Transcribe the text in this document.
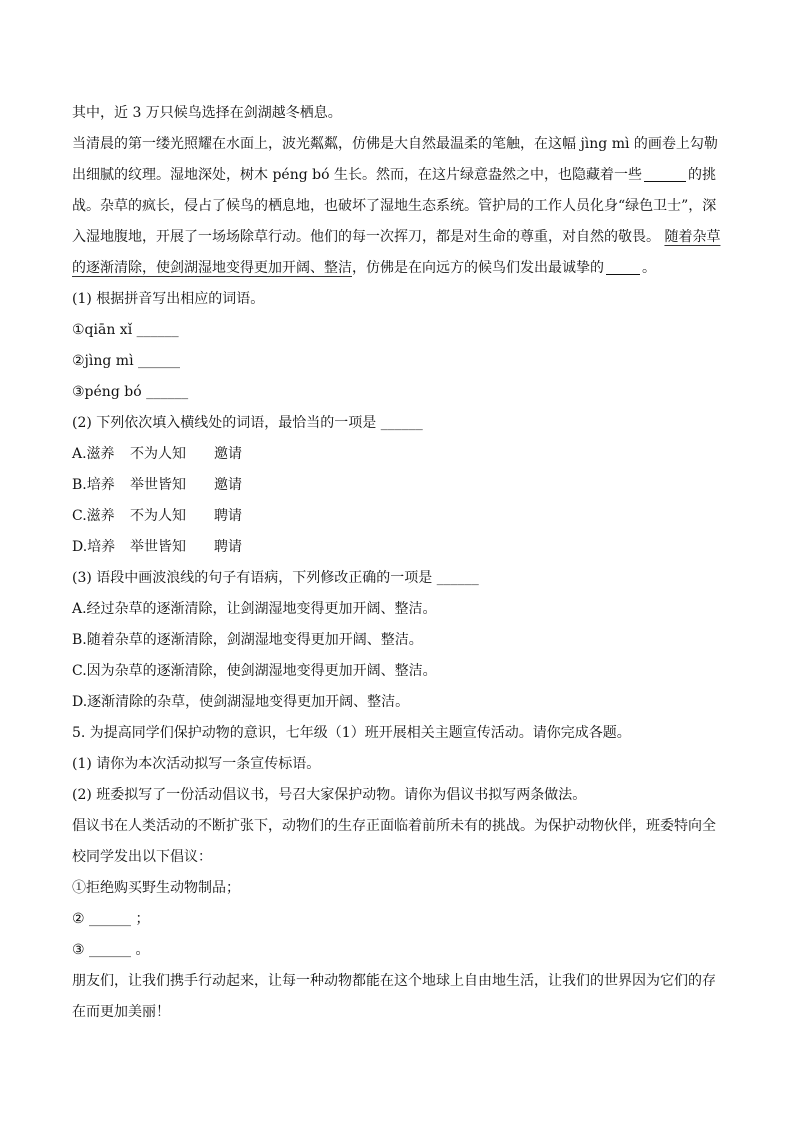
其中，近 3 万只候鸟选择在剑湖越冬栖息。

当清晨的第一缕光照耀在水面上，波光粼粼，仿佛是大自然最温柔的笔触，在这幅 jìng mì 的画卷上勾勒出细腻的纹理。湿地深处，树木 péng bó 生长。然而，在这片绿意盎然之中，也隐藏着一些	的挑战。杂草的疯长，侵占了候鸟的栖息地，也破坏了湿地生态系统。管护局的工作人员化身“绿色卫士”，深入湿地腹地，开展了一场场除草行动。他们的每一次挥刀，都是对生命的尊重，对自然的敬畏。 随着杂草的逐渐清除，使剑湖湿地变得更加开阔、整洁，仿佛是在向远方的候鸟们发出最诚挚的	。

(1) 根据拼音写出相应的词语。

①qiān xǐ ______

②jìng mì ______

③péng bó ______

(2) 下列依次填入横线处的词语，最恰当的一项是 ______

A.滋养	不为人知	邀请

B.培养	举世皆知	邀请

C.滋养	不为人知	聘请

D.培养	举世皆知	聘请

(3) 语段中画波浪线的句子有语病，下列修改正确的一项是 ______

A.经过杂草的逐渐清除，让剑湖湿地变得更加开阔、整洁。

B.随着杂草的逐渐清除，剑湖湿地变得更加开阔、整洁。

C.因为杂草的逐渐清除，使剑湖湿地变得更加开阔、整洁。

D.逐渐清除的杂草，使剑湖湿地变得更加开阔、整洁。

5. 为提高同学们保护动物的意识，七年级（1）班开展相关主题宣传活动。请你完成各题。

(1) 请你为本次活动拟写一条宣传标语。

(2) 班委拟写了一份活动倡议书，号召大家保护动物。请你为倡议书拟写两条做法。

倡议书在人类活动的不断扩张下，动物们的生存正面临着前所未有的挑战。为保护动物伙伴，班委特向全校同学发出以下倡议：

①拒绝购买野生动物制品；

② ______ ；

③ ______ 。

朋友们，让我们携手行动起来，让每一种动物都能在这个地球上自由地生活，让我们的世界因为它们的存在而更加美丽！
